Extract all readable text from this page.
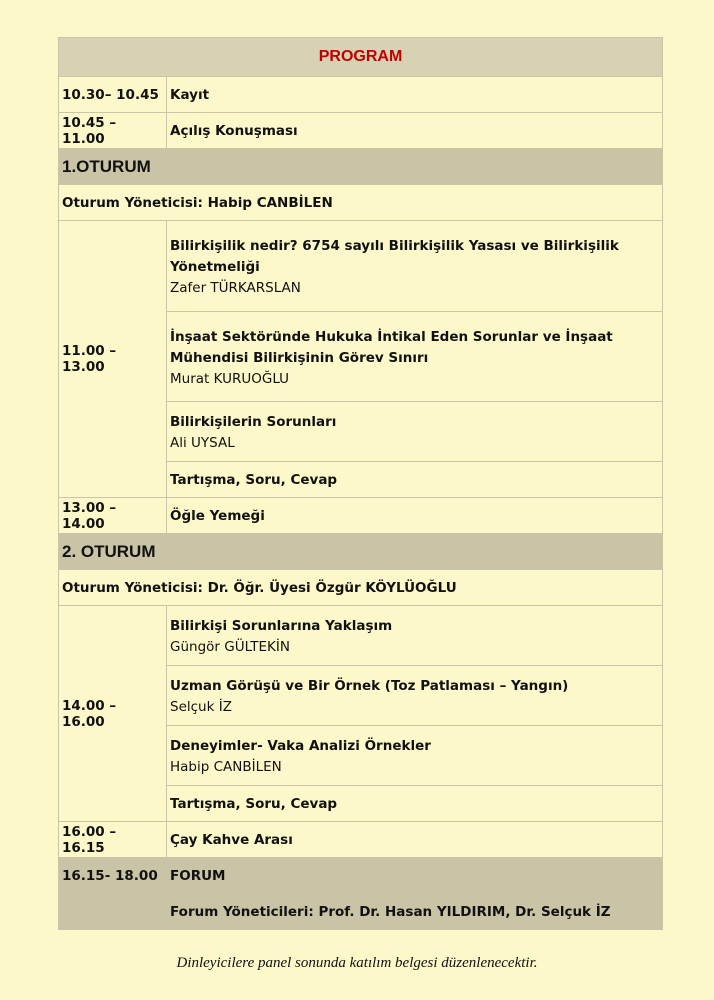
PROGRAM	
10.30– 10.45	Kayıt
10.45 – 11.00	Açılış Konuşması
1.OTURUM	
Oturum Yöneticisi: Habip CANBİLEN	
11.00 – 13.00	Bilirkişilik nedir? 6754 sayılı Bilirkişilik Yasası ve Bilirkişilik Yönetmeliği
Zafer TÜRKARSLAN

	İnşaat Sektöründe Hukuka İntikal Eden Sorunlar ve İnşaat Mühendisi Bilirkişinin Görev Sınırı
Murat KURUOĞLU

	Bilirkişilerin Sorunları
Ali UYSAL

	Tartışma, Soru, Cevap
13.00 – 14.00	Öğle Yemeği
2. OTURUM	
Oturum Yöneticisi: Dr. Öğr. Üyesi Özgür KÖYLÜOĞLU	
14.00 – 16.00	Bilirkişi Sorunlarına Yaklaşım
Güngör GÜLTEKİN

	Uzman Görüşü ve Bir Örnek (Toz Patlaması – Yangın)
Selçuk İZ

	Deneyimler- Vaka Analizi Örnekler
Habip CANBİLEN

	Tartışma, Soru, Cevap
16.00 – 16.15	Çay Kahve Arası
16.15- 18.00	FORUM
	Forum Yöneticileri: Prof. Dr. Hasan YILDIRIM, Dr. Selçuk İZ
Dinleyicilere panel sonunda katılım belgesi düzenlenecektir.
